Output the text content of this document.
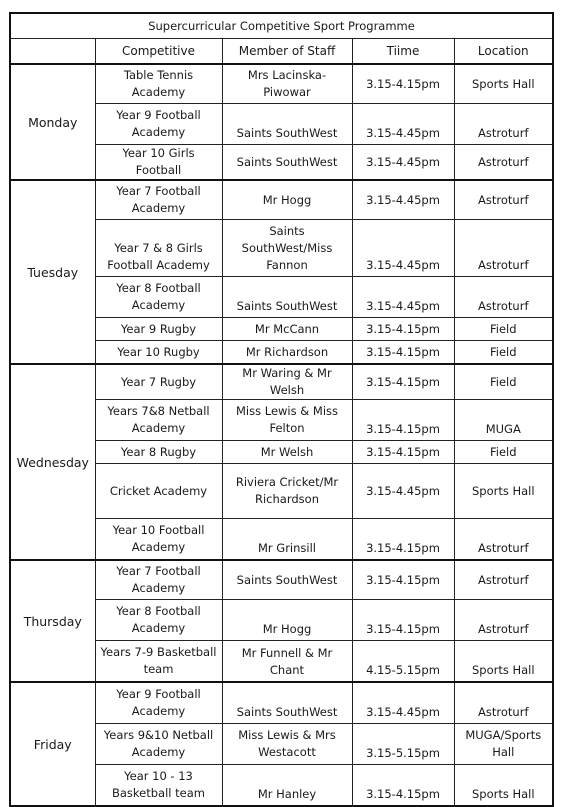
Supercurricular Competitive Sport Programme				
	Competitive	Member of Staff	Tiime	Location
Monday	Table Tennis Academy	Mrs Lacinska-Piwowar	3.15-4.15pm	Sports Hall
	Year 9 Football Academy	Saints SouthWest	3.15-4.45pm	Astroturf
	Year 10 Girls Football	Saints SouthWest	3.15-4.45pm	Astroturf
Tuesday	Year 7 Football Academy	Mr Hogg	3.15-4.45pm	Astroturf
	Year 7 & 8 Girls Football Academy	Saints SouthWest/Miss Fannon	3.15-4.45pm	Astroturf
	Year 8 Football Academy	Saints SouthWest	3.15-4.45pm	Astroturf
	Year 9 Rugby	Mr McCann	3.15-4.15pm	Field
	Year 10 Rugby	Mr Richardson	3.15-4.15pm	Field
Wednesday	Year 7 Rugby	Mr Waring & Mr Welsh	3.15-4.15pm	Field
	Years 7&8 Netball Academy	Miss Lewis & Miss Felton	3.15-4.15pm	MUGA
	Year 8 Rugby	Mr Welsh	3.15-4.15pm	Field
	Cricket Academy	Riviera Cricket/Mr Richardson	3.15-4.45pm	Sports Hall
	Year 10 Football Academy	Mr Grinsill	3.15-4.15pm	Astroturf
Thursday	Year 7 Football Academy	Saints SouthWest	3.15-4.15pm	Astroturf
	Year 8 Football Academy	Mr Hogg	3.15-4.15pm	Astroturf
	Years 7-9 Basketball team	Mr Funnell & Mr Chant	4.15-5.15pm	Sports Hall
Friday	Year 9 Football Academy	Saints SouthWest	3.15-4.45pm	Astroturf
	Years 9&10 Netball Academy	Miss Lewis & Mrs Westacott	3.15-5.15pm	MUGA/Sports Hall
	Year 10 - 13 Basketball team	Mr Hanley	3.15-4.15pm	Sports Hall
